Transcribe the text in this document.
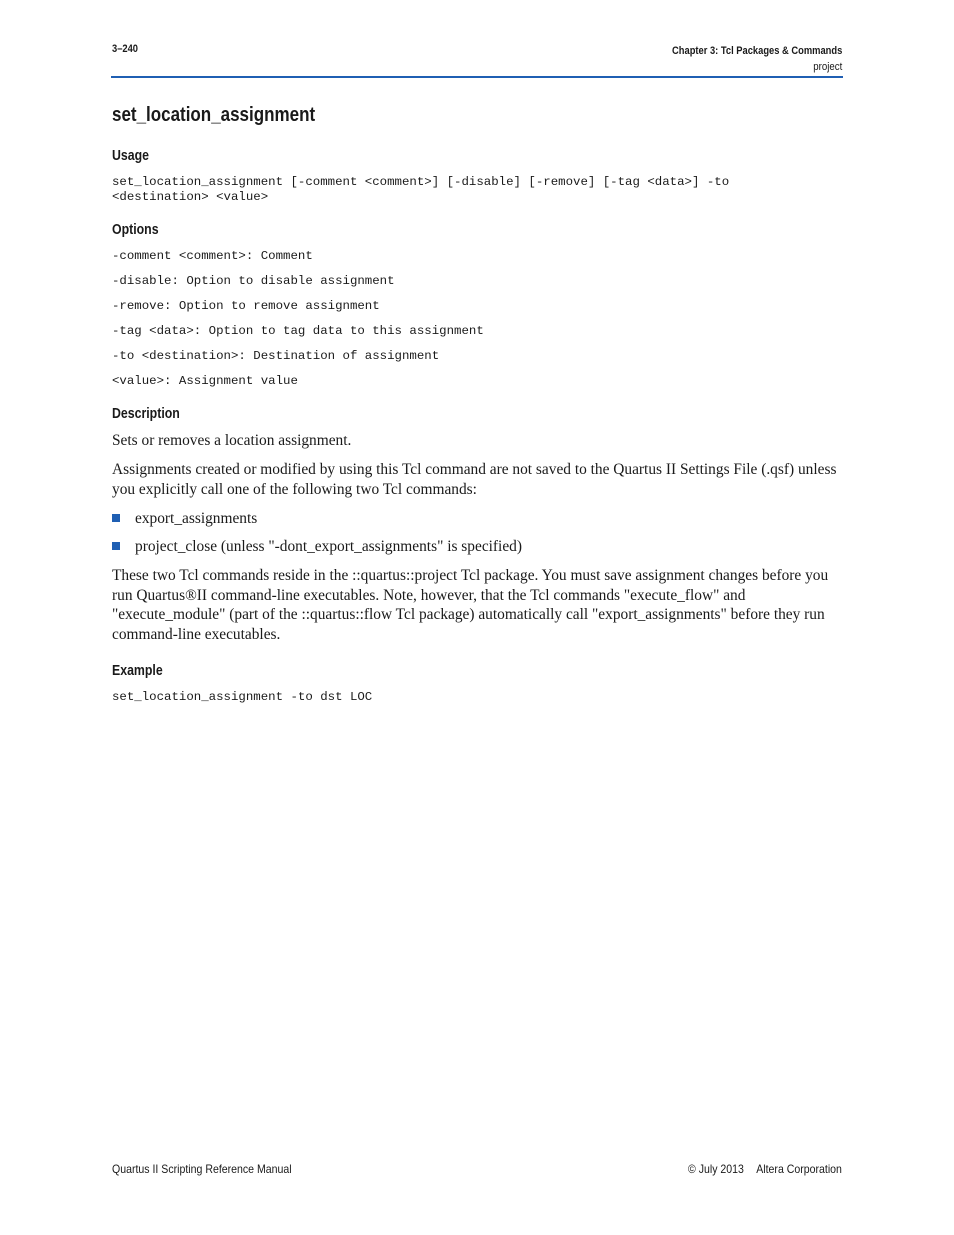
3–240	Chapter 3: Tcl Packages & Commands
project
set_location_assignment
Usage
set_location_assignment [-comment <comment>] [-disable] [-remove] [-tag <data>] -to
<destination> <value>
Options
-comment <comment>: Comment
-disable: Option to disable assignment
-remove: Option to remove assignment
-tag <data>: Option to tag data to this assignment
-to <destination>: Destination of assignment
<value>: Assignment value
Description

Sets or removes a location assignment.

Assignments created or modified by using this Tcl command are not saved to the Quartus II Settings File (.qsf) unless you explicitly call one of the following two Tcl commands:

export_assignments
project_close (unless "-dont_export_assignments" is specified)

These two Tcl commands reside in the ::quartus::project Tcl package. You must save assignment changes before you run Quartus®II command-line executables. Note, however, that the Tcl commands "execute_flow" and "execute_module" (part of the ::quartus::flow Tcl package) automatically call "export_assignments" before they run command-line executables.

Example
set_location_assignment -to dst LOC
Quartus II Scripting Reference Manual	© July 2013 Altera Corporation
